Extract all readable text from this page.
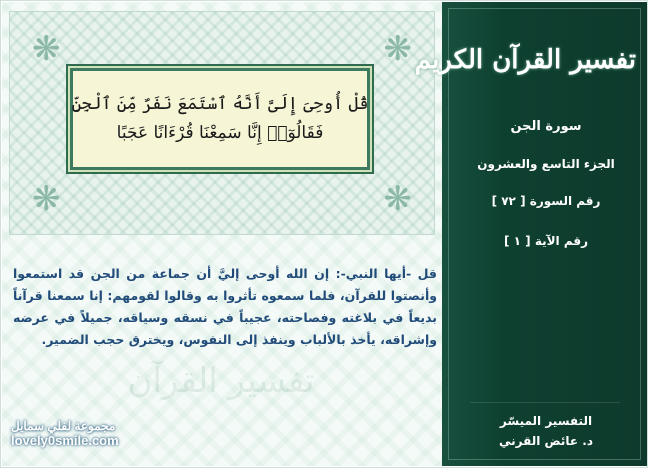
❋	❋
❋	❋
قُلْ أُوحِىَ إِلَىَّ أَنَّهُ ٱسْتَمَعَ نَفَرٌ مِّنَ ٱلْجِنِّ
فَقَالُوٓا۟ إِنَّا سَمِعْنَا قُرْءَانًا عَجَبًا
تفسير القرآن
قل -أيها النبي-: إن الله أوحى إليَّ أن جماعة من الجن قد استمعوا وأنصتوا للقرآن، فلما سمعوه تأثروا به وقالوا لقومهم: إنا سمعنا قرآناً بديعاً في بلاغته وفصاحته، عجيباً في نسقه وسياقه، جميلاً في عرضه وإشراقه، يأخذ بالألباب وينفذ إلى النفوس، ويخترق حجب الضمير.
مجموعة لفلي سمايل
lovely0smile.com
تفسير القرآن الكريم
سورة الجن
الجزء التاسع والعشرون
رقم السورة [ ٧٢ ]
رقم الآية [ ١ ]
التفسير الميسّر
د. عائض القرني
